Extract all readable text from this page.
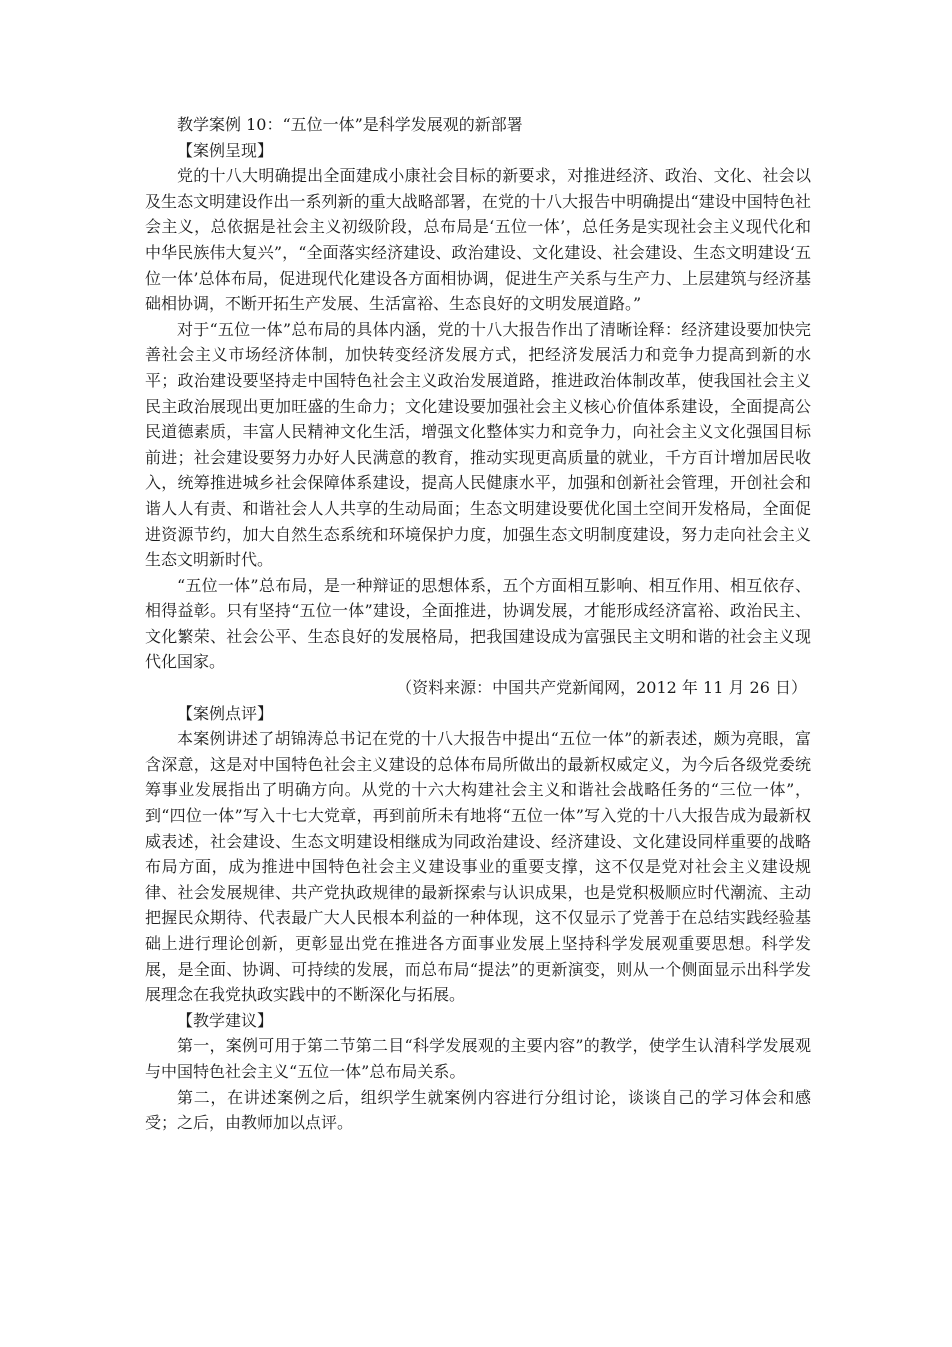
教学案例 10：“五位一体”是科学发展观的新部署
【案例呈现】

党的十八大明确提出全面建成小康社会目标的新要求，对推进经济、政治、文化、社会以及生态文明建设作出一系列新的重大战略部署，在党的十八大报告中明确提出“建设中国特色社会主义，总依据是社会主义初级阶段，总布局是‘五位一体’，总任务是实现社会主义现代化和中华民族伟大复兴”，“全面落实经济建设、政治建设、文化建设、社会建设、生态文明建设‘五位一体’总体布局，促进现代化建设各方面相协调，促进生产关系与生产力、上层建筑与经济基础相协调，不断开拓生产发展、生活富裕、生态良好的文明发展道路。”

对于“五位一体”总布局的具体内涵，党的十八大报告作出了清晰诠释：经济建设要加快完善社会主义市场经济体制，加快转变经济发展方式，把经济发展活力和竞争力提高到新的水平；政治建设要坚持走中国特色社会主义政治发展道路，推进政治体制改革，使我国社会主义民主政治展现出更加旺盛的生命力；文化建设要加强社会主义核心价值体系建设，全面提高公民道德素质，丰富人民精神文化生活，增强文化整体实力和竞争力，向社会主义文化强国目标前进；社会建设要努力办好人民满意的教育，推动实现更高质量的就业，千方百计增加居民收入，统筹推进城乡社会保障体系建设，提高人民健康水平，加强和创新社会管理，开创社会和谐人人有责、和谐社会人人共享的生动局面；生态文明建设要优化国土空间开发格局，全面促进资源节约，加大自然生态系统和环境保护力度，加强生态文明制度建设，努力走向社会主义生态文明新时代。

“五位一体”总布局，是一种辩证的思想体系，五个方面相互影响、相互作用、相互依存、相得益彰。只有坚持“五位一体”建设，全面推进，协调发展，才能形成经济富裕、政治民主、文化繁荣、社会公平、生态良好的发展格局，把我国建设成为富强民主文明和谐的社会主义现代化国家。

（资料来源：中国共产党新闻网，2012 年 11 月 26 日）

【案例点评】

本案例讲述了胡锦涛总书记在党的十八大报告中提出“五位一体”的新表述，颇为亮眼，富含深意，这是对中国特色社会主义建设的总体布局所做出的最新权威定义，为今后各级党委统筹事业发展指出了明确方向。从党的十六大构建社会主义和谐社会战略任务的“三位一体”，到“四位一体”写入十七大党章，再到前所未有地将“五位一体”写入党的十八大报告成为最新权威表述，社会建设、生态文明建设相继成为同政治建设、经济建设、文化建设同样重要的战略布局方面，成为推进中国特色社会主义建设事业的重要支撑，这不仅是党对社会主义建设规律、社会发展规律、共产党执政规律的最新探索与认识成果，也是党积极顺应时代潮流、主动把握民众期待、代表最广大人民根本利益的一种体现，这不仅显示了党善于在总结实践经验基础上进行理论创新，更彰显出党在推进各方面事业发展上坚持科学发展观重要思想。科学发展，是全面、协调、可持续的发展，而总布局“提法”的更新演变，则从一个侧面显示出科学发展理念在我党执政实践中的不断深化与拓展。

【教学建议】

第一，案例可用于第二节第二目“科学发展观的主要内容”的教学，使学生认清科学发展观与中国特色社会主义“五位一体”总布局关系。

第二，在讲述案例之后，组织学生就案例内容进行分组讨论，谈谈自己的学习体会和感受；之后，由教师加以点评。
